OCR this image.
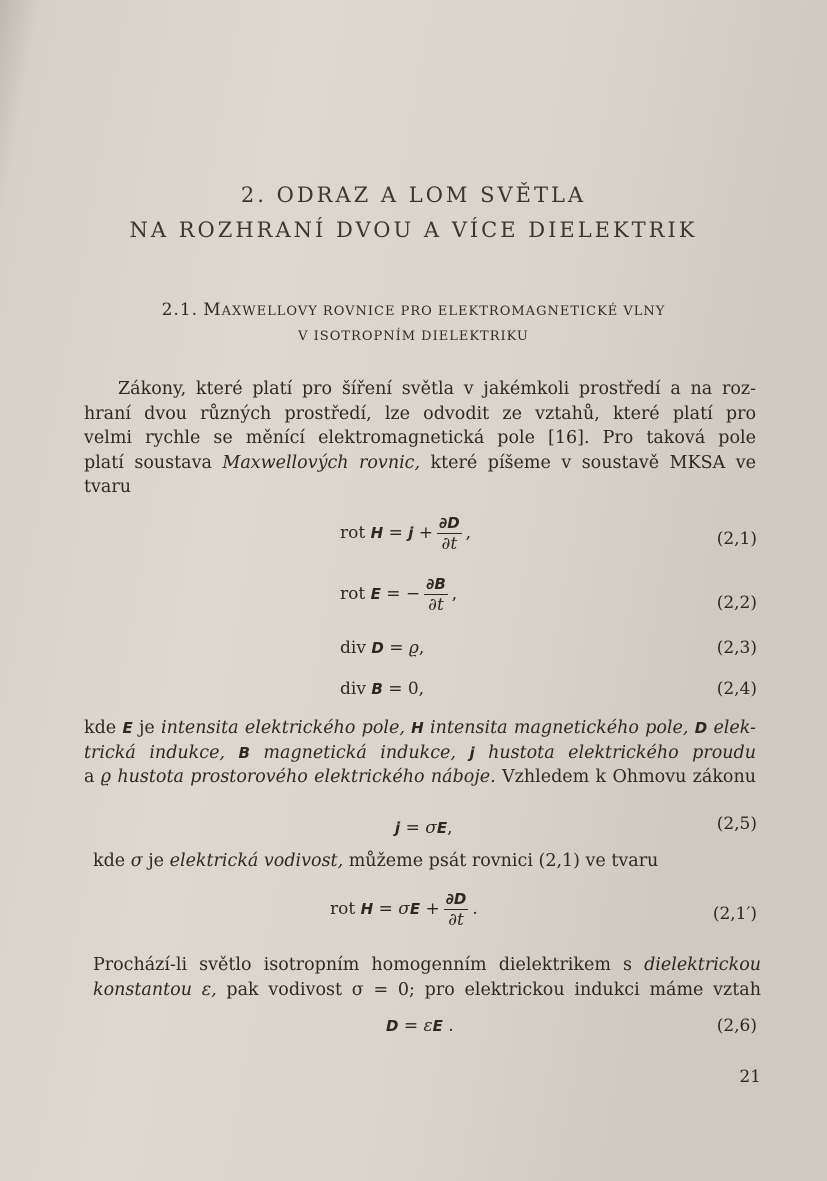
2. ODRAZ A LOM SVĚTLA

NA ROZHRANÍ DVOU A VÍCE DIELEKTRIK

2.1. MAXWELLOVY ROVNICE PRO ELEKTROMAGNETICKÉ VLNY

V ISOTROPNÍM DIELEKTRIKU

Zákony, které platí pro šíření světla v jakémkoli prostředí a na roz-
hraní dvou různých prostředí, lze odvodit ze vztahů, které platí pro
velmi rychle se měnící elektromagnetická pole [16]. Pro taková pole
platí soustava Maxwellových rovnic, které píšeme v soustavě MKSA ve
tvaru
rot $H = j + \frac{\partial D}{\partial t}$ ,	(2,1)
rot E = − $\frac{\partial B}{\partial t}$ ,	(2,2)
div D = ϱ,	(2,3)
div B = 0,	(2,4)
kde E je intensita elektrického pole, H intensita magnetického pole, D elek-
trická indukce, B magnetická indukce, j hustota elektrického proudu
a ϱ hustota prostorového elektrického náboje. Vzhledem k Ohmovu zákonu
j = σE,	(2,5)
kde σ je elektrická vodivost, můžeme psát rovnici (2,1) ve tvaru
rot $H = \sigma E + \frac{\partial D}{\partial t}$ .	(2,1′)
Prochází-li světlo isotropním homogenním dielektrikem s dielektrickou
konstantou ε, pak vodivost σ = 0; pro elektrickou indukci máme vztah
D = εE .	(2,6)
21
